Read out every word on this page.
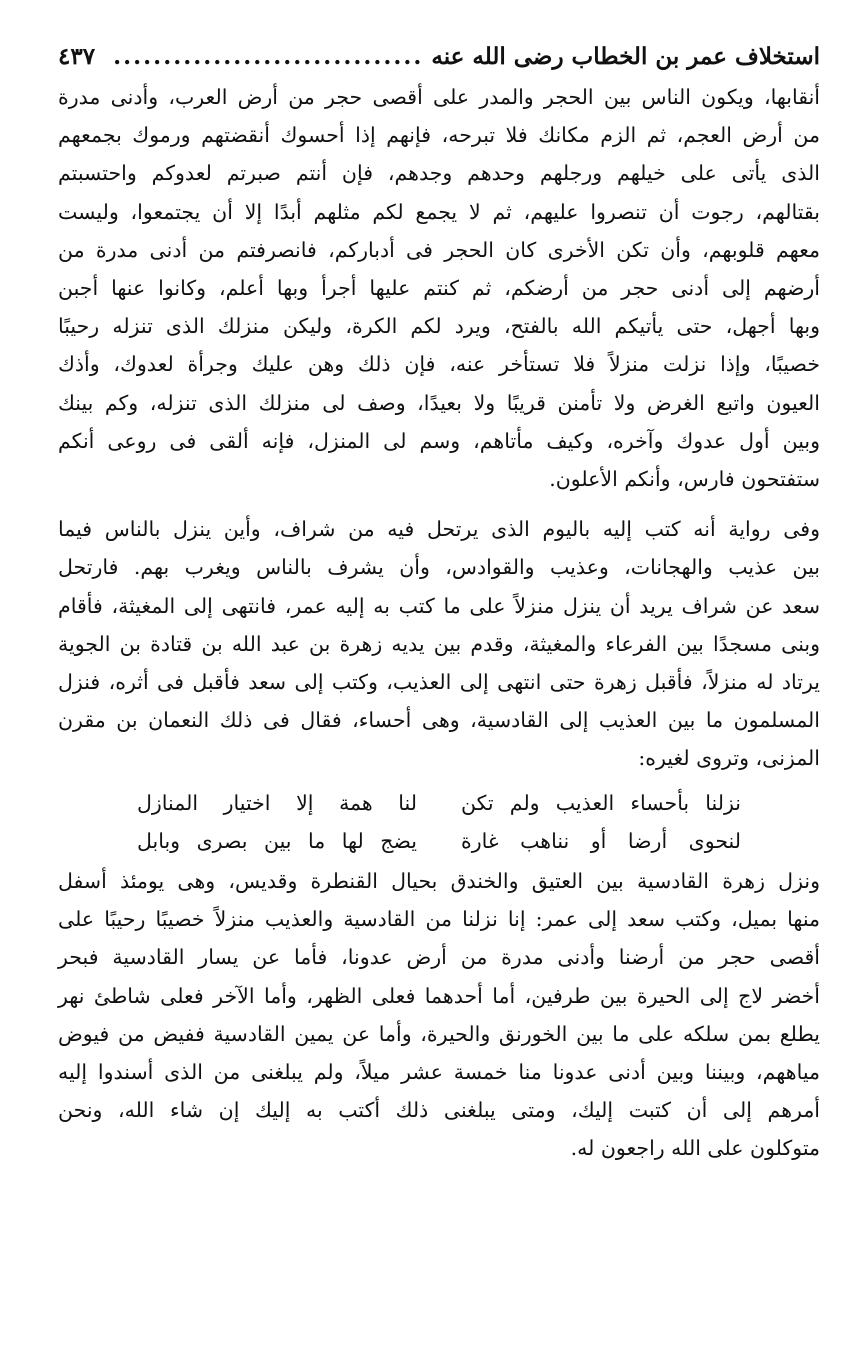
استخلاف عمر بن الخطاب رضى الله عنه
...............................
٤٣٧

أنقابها، ويكون الناس بين الحجر والمدر على أقصى حجر من أرض العرب، وأدنى مدرة
من أرض العجم، ثم الزم مكانك فلا تبرحه، فإنهم إذا أحسوك أنقضتهم ورموك بجمعهم
الذى يأتى على خيلهم ورجلهم وحدهم وجدهم، فإن أنتم صبرتم لعدوكم واحتسبتم
بقتالهم، رجوت أن تنصروا عليهم، ثم لا يجمع لكم مثلهم أبدًا إلا أن يجتمعوا، وليست
معهم قلوبهم، وأن تكن الأخرى كان الحجر فى أدباركم، فانصرفتم من أدنى مدرة من
أرضهم إلى أدنى حجر من أرضكم، ثم كنتم عليها أجرأ وبها أعلم، وكانوا عنها أجبن
وبها أجهل، حتى يأتيكم الله بالفتح، ويرد لكم الكرة، وليكن منزلك الذى تنزله رحيبًا
خصيبًا، وإذا نزلت منزلاً فلا تستأخر عنه، فإن ذلك وهن عليك وجرأة لعدوك، وأذك
العيون واتبع الغرض ولا تأمنن قريبًا ولا بعيدًا، وصف لى منزلك الذى تنزله، وكم بينك
وبين أول عدوك وآخره، وكيف مأتاهم، وسم لى المنزل، فإنه ألقى فى روعى أنكم
ستفتحون فارس، وأنكم الأعلون.

وفى رواية أنه كتب إليه باليوم الذى يرتحل فيه من شراف، وأين ينزل بالناس فيما
بين عذيب والهجانات، وعذيب والقوادس، وأن يشرف بالناس ويغرب بهم. فارتحل
سعد عن شراف يريد أن ينزل منزلاً على ما كتب به إليه عمر، فانتهى إلى المغيثة، فأقام
وبنى مسجدًا بين الفرعاء والمغيثة، وقدم بين يديه زهرة بن عبد الله بن قتادة بن الجوية
يرتاد له منزلاً، فأقبل زهرة حتى انتهى إلى العذيب، وكتب إلى سعد فأقبل فى أثره، فنزل
المسلمون ما بين العذيب إلى القادسية، وهى أحساء، فقال فى ذلك النعمان بن مقرن
المزنى، وتروى لغيره:

نزلنا بأحساء العذيب ولم تكن
لنا همة إلا اختيار المنازل
لنحوى أرضا أو نناهب غارة
يضج لها ما بين بصرى وبابل

ونزل زهرة القادسية بين العتيق والخندق بحيال القنطرة وقديس، وهى يومئذ أسفل
منها بميل، وكتب سعد إلى عمر: إنا نزلنا من القادسية والعذيب منزلاً خصيبًا رحيبًا على
أقصى حجر من أرضنا وأدنى مدرة من أرض عدونا، فأما عن يسار القادسية فبحر
أخضر لاج إلى الحيرة بين طرفين، أما أحدهما فعلى الظهر، وأما الآخر فعلى شاطئ نهر
يطلع بمن سلكه على ما بين الخورنق والحيرة، وأما عن يمين القادسية ففيض من فيوض
مياههم، وبيننا وبين أدنى عدونا منا خمسة عشر ميلاً، ولم يبلغنى من الذى أسندوا إليه
أمرهم إلى أن كتبت إليك، ومتى يبلغنى ذلك أكتب به إليك إن شاء الله، ونحن
متوكلون على الله راجعون له.
